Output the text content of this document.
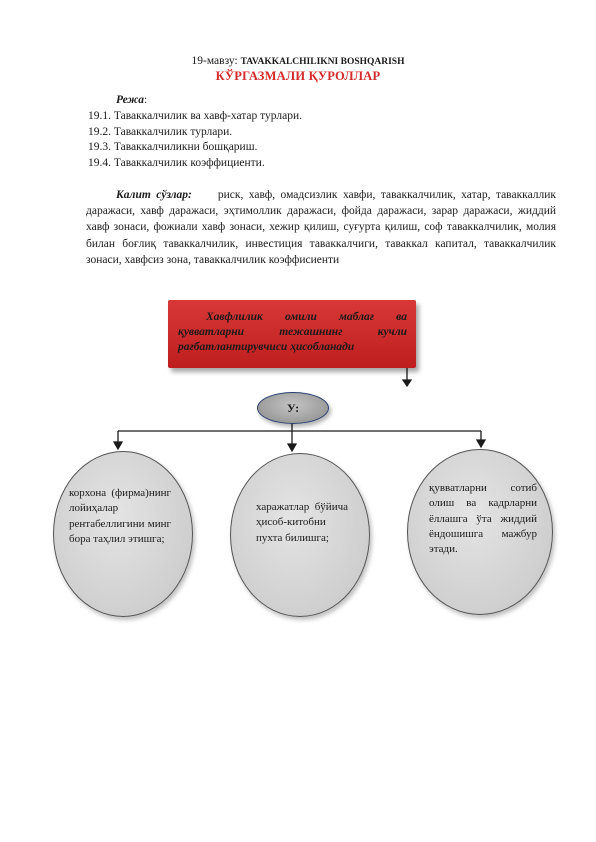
19-мавзу: TAVAKKALCHILIKNI BOSHQARISH
КЎРГАЗМАЛИ ҚУРОЛЛАР
Режа:
19.1. Таваккалчилик ва хавф-хатар турлари.
19.2. Таваккалчилик турлари.
19.3. Таваккалчиликни бошқариш.
19.4. Таваккалчилик коэффициенти.
Калит сўзлар: риск, хавф, омадсизлик хавфи, таваккалчилик, хатар, таваккаллик даражаси, хавф даражаси, эҳтимоллик даражаси, фойда даражаси, зарар даражаси, жиддий хавф зонаси, фожиали хавф зонаси, хежир қилиш, суғурта қилиш, соф таваккалчилик, молия билан боғлиқ таваккалчилик, инвестиция таваккалчиги, таваккал капитал, таваккалчилик зонаси, хавфсиз зона, таваккалчилик коэффисиенти

Хавфлилик омили маблағ ва қувватларни тежашнинг кучли рағбатлантирувчиси ҳисобланади

У:
корхона (фирма)нинг лойиҳалар рентабеллигини минг бора таҳлил этишга;
харажатлар бўйича ҳисоб-китобни пухта билишга;
қувватларни сотиб олиш ва кадрларни ёллашга ўта жиддий ёндошишга мажбур этади.
